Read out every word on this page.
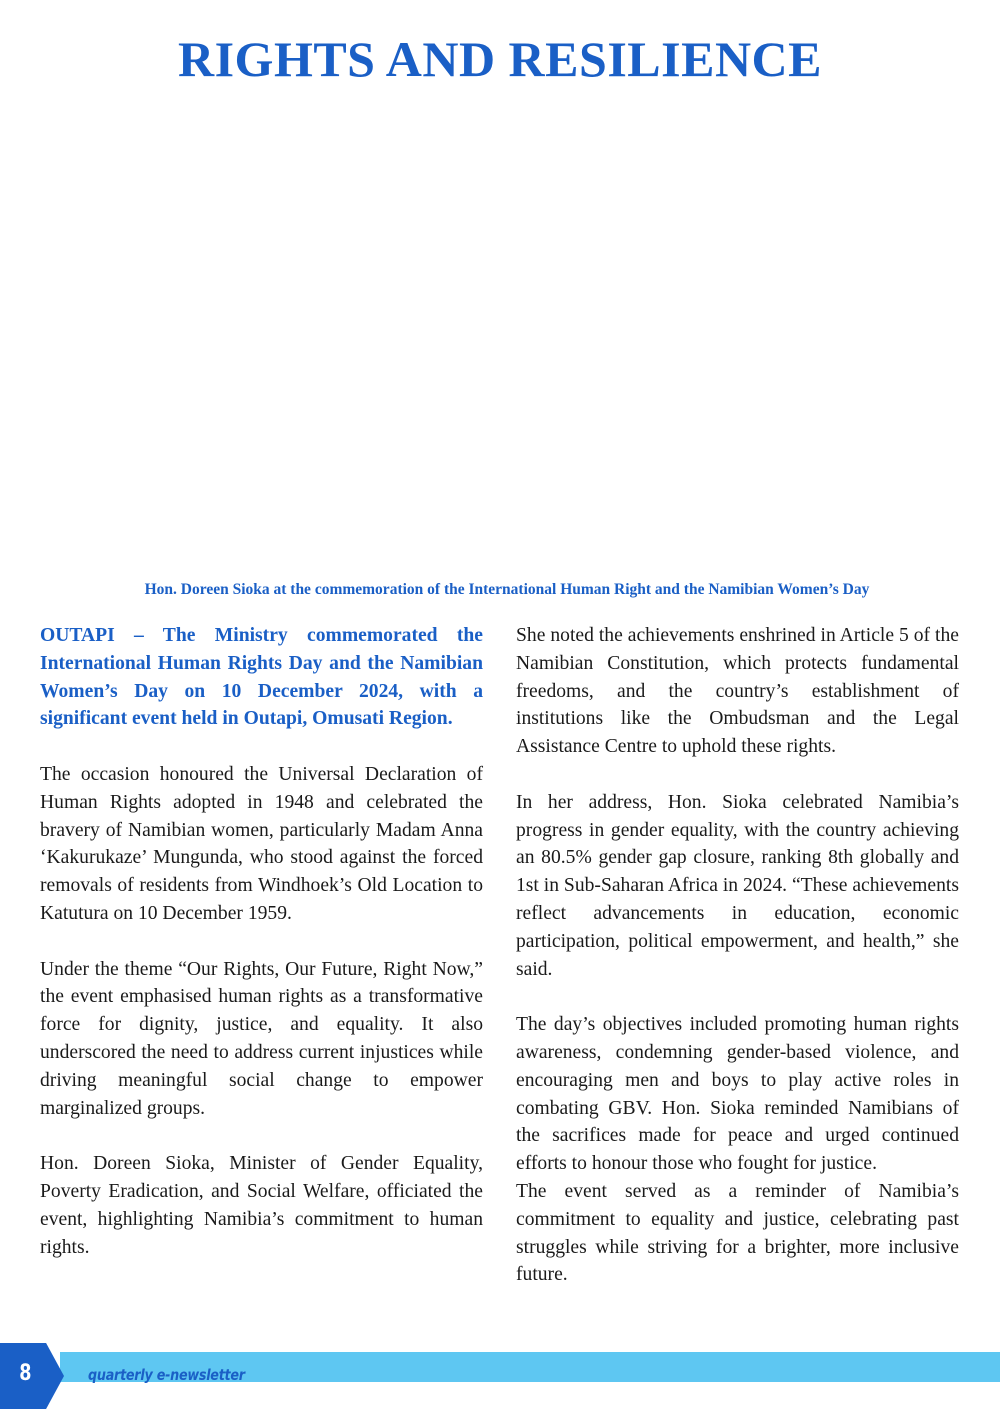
RIGHTS AND RESILIENCE

Hon. Doreen Sioka at the commemoration of the International Human Right and the Namibian Women’s Day

OUTAPI – The Ministry commemorated the International Human Rights Day and the Namibian Women’s Day on 10 December 2024, with a significant event held in Outapi, Omusati Region.

The occasion honoured the Universal Declaration of Human Rights adopted in 1948 and celebrated the bravery of Namibian women, particularly Madam Anna ‘Kakurukaze’ Mungunda, who stood against the forced removals of residents from Windhoek’s Old Location to Katutura on 10 December 1959.

Under the theme “Our Rights, Our Future, Right Now,” the event emphasised human rights as a transformative force for dignity, justice, and equality. It also underscored the need to address current injustices while driving meaningful social change to empower marginalized groups.

Hon. Doreen Sioka, Minister of Gender Equality, Poverty Eradication, and Social Welfare, officiated the event, highlighting Namibia’s commitment to human rights.

She noted the achievements enshrined in Article 5 of the Namibian Constitution, which protects fundamental freedoms, and the country’s establishment of institutions like the Ombudsman and the Legal Assistance Centre to uphold these rights.

In her address, Hon. Sioka celebrated Namibia’s progress in gender equality, with the country achieving an 80.5% gender gap closure, ranking 8th globally and 1st in Sub-Saharan Africa in 2024. “These achievements reflect advancements in education, economic participation, political empowerment, and health,” she said.

The day’s objectives included promoting human rights awareness, condemning gender-based violence, and encouraging men and boys to play active roles in combating GBV. Hon. Sioka reminded Namibians of the sacrifices made for peace and urged continued efforts to honour those who fought for justice.

The event served as a reminder of Namibia’s commitment to equality and justice, celebrating past struggles while striving for a brighter, more inclusive future.

8	quarterly e-newsletter
